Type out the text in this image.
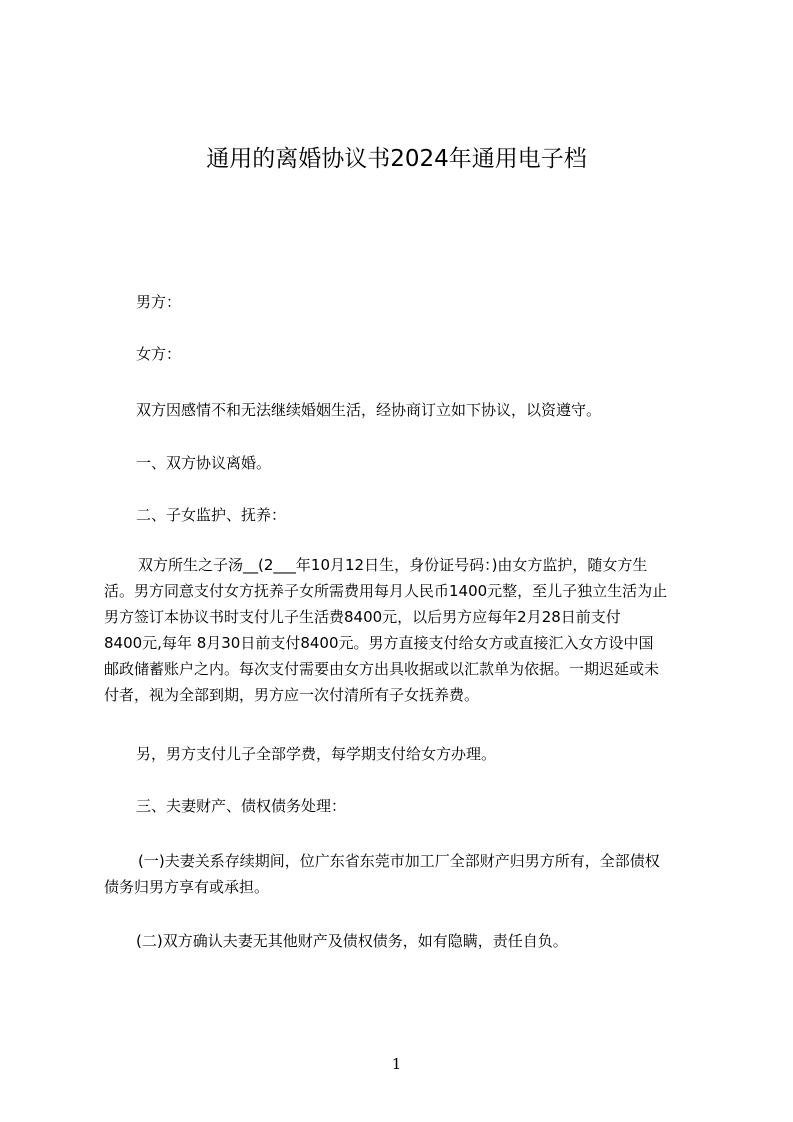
通用的离婚协议书2024年通用电子档
男方：
女方：
双方因感情不和无法继续婚姻生活，经协商订立如下协议，以资遵守。
一、双方协议离婚。
二、子女监护、抚养：
双方所生之子汤__(2___年10月12日生，身份证号码：)由女方监护，随女方生
活。男方同意支付女方抚养子女所需费用每月人民币1400元整，至儿子独立生活为止
男方签订本协议书时支付儿子生活费8400元，以后男方应每年2月28日前支付
8400元,每年 8月30日前支付8400元。男方直接支付给女方或直接汇入女方设中国
邮政储蓄账户之内。每次支付需要由女方出具收据或以汇款单为依据。一期迟延或未
付者，视为全部到期，男方应一次付清所有子女抚养费。
另，男方支付儿子全部学费，每学期支付给女方办理。
三、夫妻财产、债权债务处理：
(一)夫妻关系存续期间，位广东省东莞市加工厂全部财产归男方所有，全部债权
债务归男方享有或承担。
(二)双方确认夫妻无其他财产及债权债务，如有隐瞒，责任自负。
1
